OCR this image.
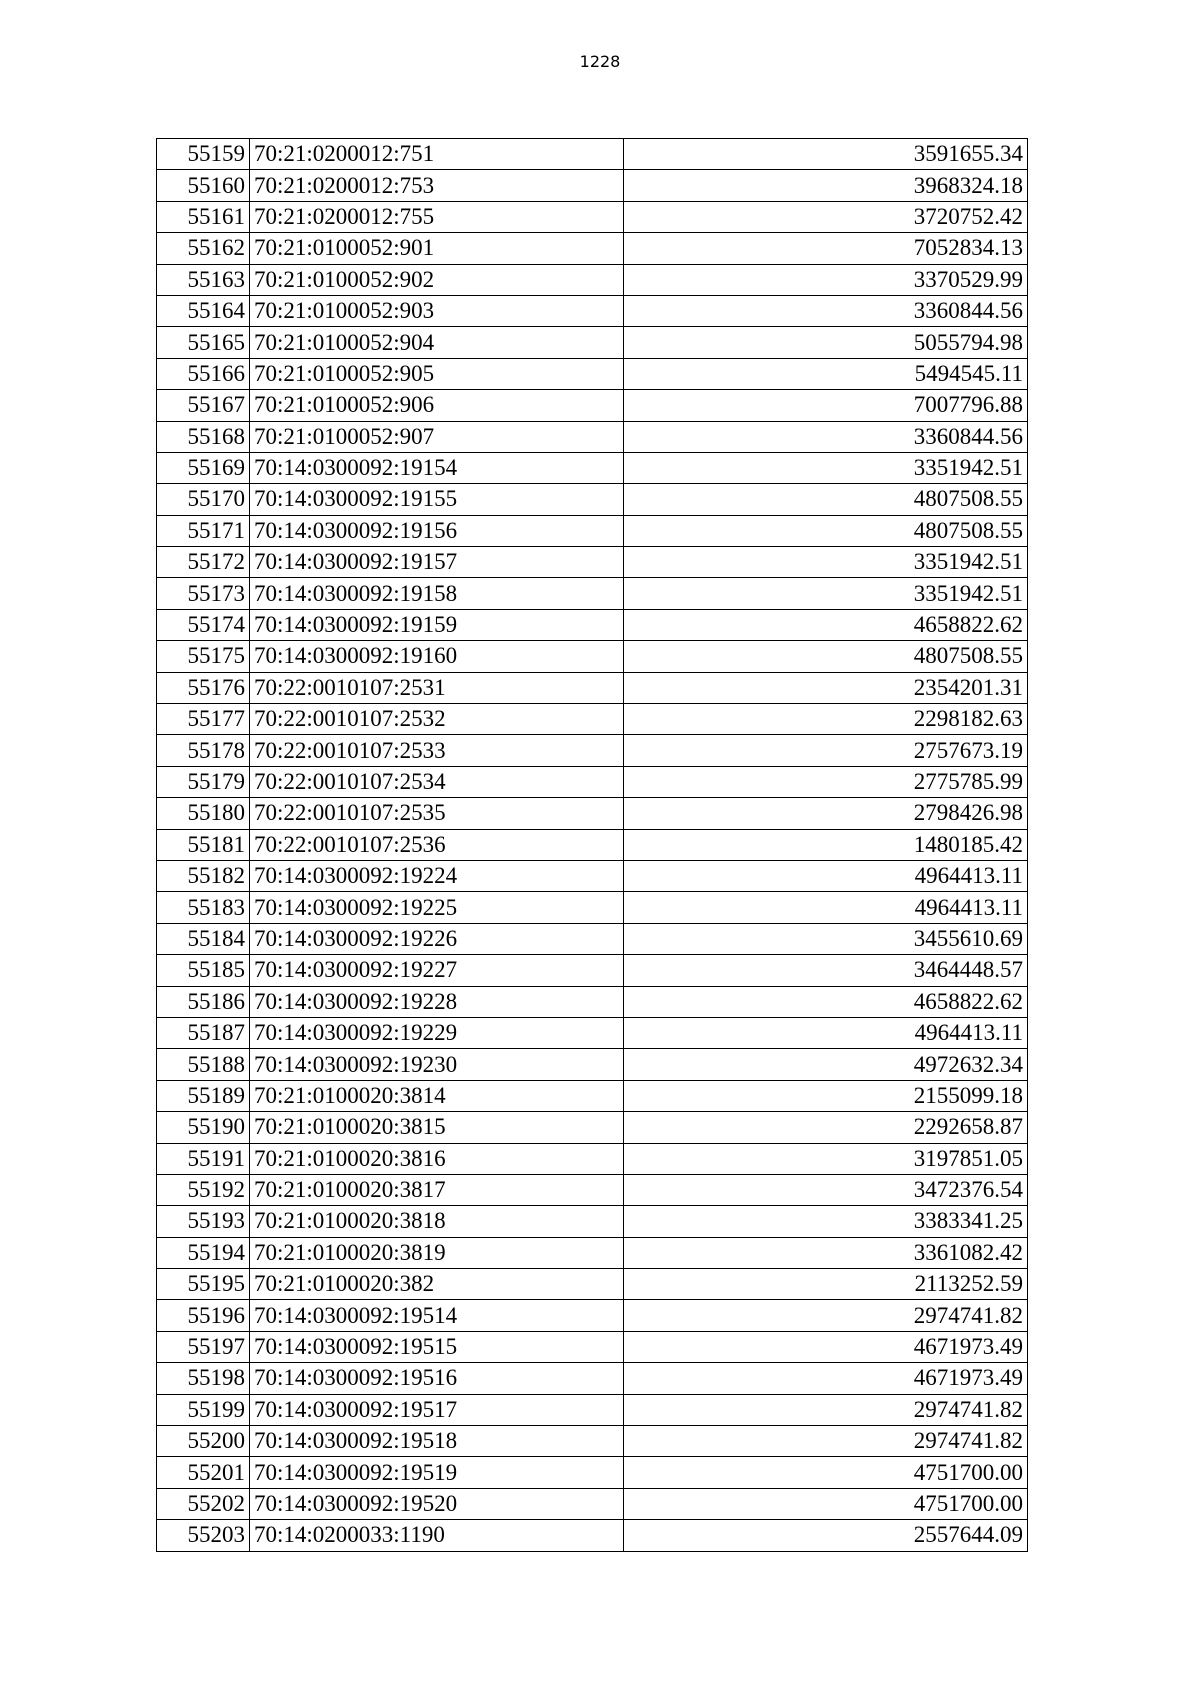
1228
55159	70:21:0200012:751	3591655.34
55160	70:21:0200012:753	3968324.18
55161	70:21:0200012:755	3720752.42
55162	70:21:0100052:901	7052834.13
55163	70:21:0100052:902	3370529.99
55164	70:21:0100052:903	3360844.56
55165	70:21:0100052:904	5055794.98
55166	70:21:0100052:905	5494545.11
55167	70:21:0100052:906	7007796.88
55168	70:21:0100052:907	3360844.56
55169	70:14:0300092:19154	3351942.51
55170	70:14:0300092:19155	4807508.55
55171	70:14:0300092:19156	4807508.55
55172	70:14:0300092:19157	3351942.51
55173	70:14:0300092:19158	3351942.51
55174	70:14:0300092:19159	4658822.62
55175	70:14:0300092:19160	4807508.55
55176	70:22:0010107:2531	2354201.31
55177	70:22:0010107:2532	2298182.63
55178	70:22:0010107:2533	2757673.19
55179	70:22:0010107:2534	2775785.99
55180	70:22:0010107:2535	2798426.98
55181	70:22:0010107:2536	1480185.42
55182	70:14:0300092:19224	4964413.11
55183	70:14:0300092:19225	4964413.11
55184	70:14:0300092:19226	3455610.69
55185	70:14:0300092:19227	3464448.57
55186	70:14:0300092:19228	4658822.62
55187	70:14:0300092:19229	4964413.11
55188	70:14:0300092:19230	4972632.34
55189	70:21:0100020:3814	2155099.18
55190	70:21:0100020:3815	2292658.87
55191	70:21:0100020:3816	3197851.05
55192	70:21:0100020:3817	3472376.54
55193	70:21:0100020:3818	3383341.25
55194	70:21:0100020:3819	3361082.42
55195	70:21:0100020:382	2113252.59
55196	70:14:0300092:19514	2974741.82
55197	70:14:0300092:19515	4671973.49
55198	70:14:0300092:19516	4671973.49
55199	70:14:0300092:19517	2974741.82
55200	70:14:0300092:19518	2974741.82
55201	70:14:0300092:19519	4751700.00
55202	70:14:0300092:19520	4751700.00
55203	70:14:0200033:1190	2557644.09
